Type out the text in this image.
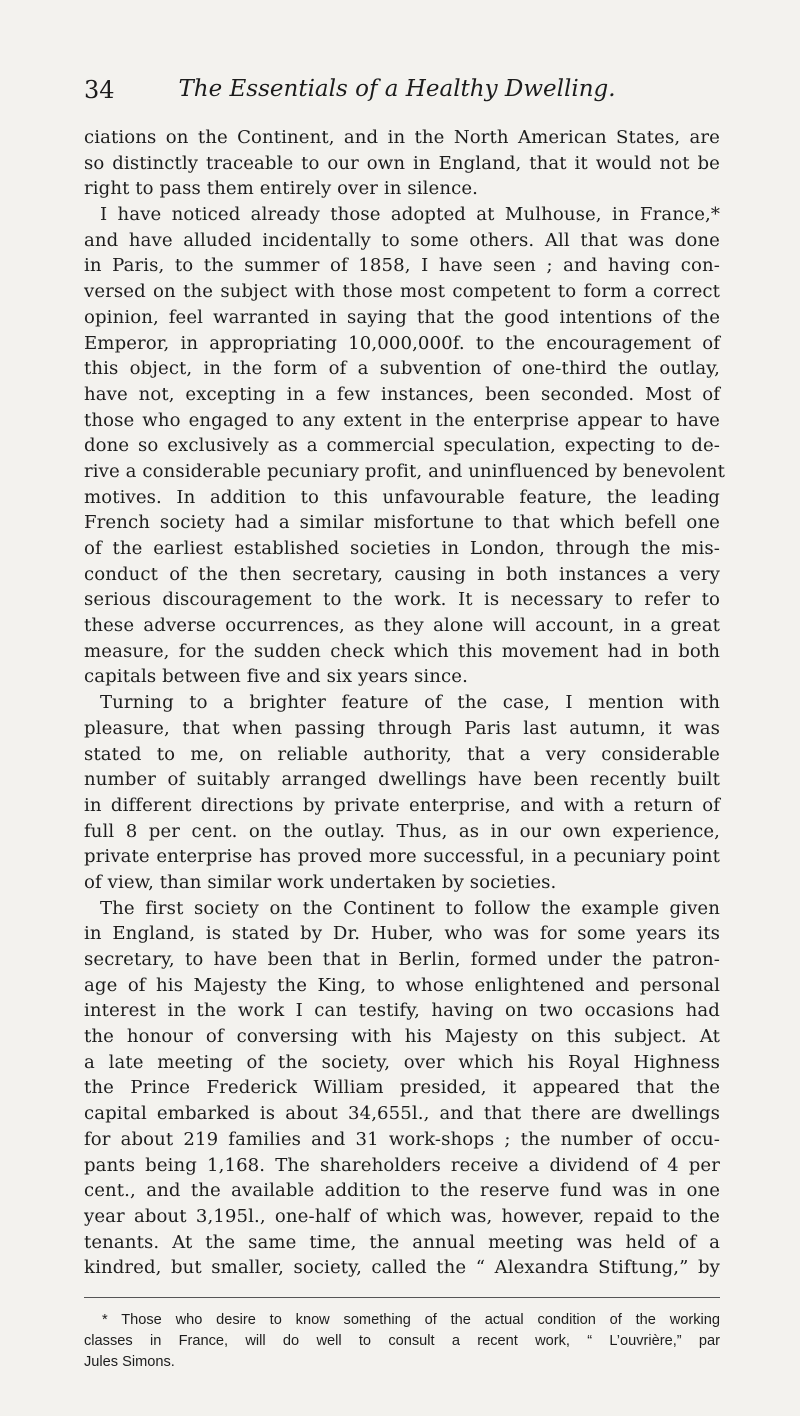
34	The Essentials of a Healthy Dwelling.
ciations on the Continent, and in the North American States, are
so distinctly traceable to our own in England, that it would not be
right to pass them entirely over in silence.
I have noticed already those adopted at Mulhouse, in France,*
and have alluded incidentally to some others. All that was done
in Paris, to the summer of 1858, I have seen ; and having con-
versed on the subject with those most competent to form a correct
opinion, feel warranted in saying that the good intentions of the
Emperor, in appropriating 10,000,000f. to the encouragement of
this object, in the form of a subvention of one-third the outlay,
have not, excepting in a few instances, been seconded. Most of
those who engaged to any extent in the enterprise appear to have
done so exclusively as a commercial speculation, expecting to de-
rive a considerable pecuniary profit, and uninfluenced by benevolent
motives. In addition to this unfavourable feature, the leading
French society had a similar misfortune to that which befell one
of the earliest established societies in London, through the mis-
conduct of the then secretary, causing in both instances a very
serious discouragement to the work. It is necessary to refer to
these adverse occurrences, as they alone will account, in a great
measure, for the sudden check which this movement had in both
capitals between five and six years since.
Turning to a brighter feature of the case, I mention with
pleasure, that when passing through Paris last autumn, it was
stated to me, on reliable authority, that a very considerable
number of suitably arranged dwellings have been recently built
in different directions by private enterprise, and with a return of
full 8 per cent. on the outlay. Thus, as in our own experience,
private enterprise has proved more successful, in a pecuniary point
of view, than similar work undertaken by societies.
The first society on the Continent to follow the example given
in England, is stated by Dr. Huber, who was for some years its
secretary, to have been that in Berlin, formed under the patron-
age of his Majesty the King, to whose enlightened and personal
interest in the work I can testify, having on two occasions had
the honour of conversing with his Majesty on this subject. At
a late meeting of the society, over which his Royal Highness
the Prince Frederick William presided, it appeared that the
capital embarked is about 34,655l., and that there are dwellings
for about 219 families and 31 work-shops ; the number of occu-
pants being 1,168. The shareholders receive a dividend of 4 per
cent., and the available addition to the reserve fund was in one
year about 3,195l., one-half of which was, however, repaid to the
tenants. At the same time, the annual meeting was held of a
kindred, but smaller, society, called the “ Alexandra Stiftung,” by
* Those who desire to know something of the actual condition of the working
classes in France, will do well to consult a recent work, “ L’ouvrière,” par
Jules Simons.
